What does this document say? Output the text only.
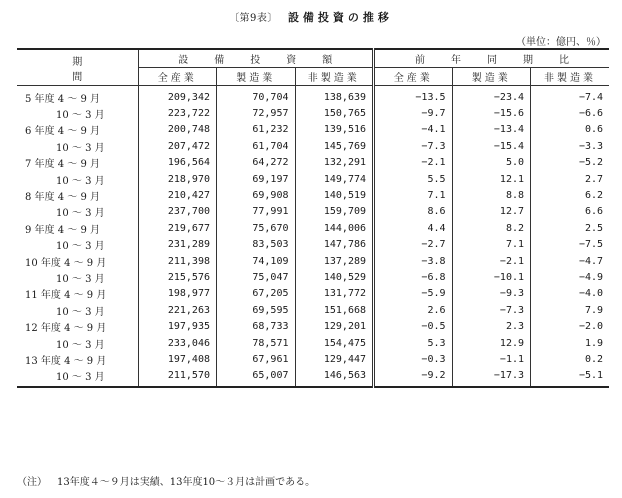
〔第9表〕 設備投資の推移
（単位：億円、％）
期　　間	設備投資額			前年同期比		
	全産業	製造業	非製造業	全産業	製造業	非製造業
5 年度 4 ～ 9 月	209,342	70,704	138,639	−13.5	−23.4	−7.4
10 ～ 3 月	223,722	72,957	150,765	−9.7	−15.6	−6.6
6 年度 4 ～ 9 月	200,748	61,232	139,516	−4.1	−13.4	0.6
10 ～ 3 月	207,472	61,704	145,769	−7.3	−15.4	−3.3
7 年度 4 ～ 9 月	196,564	64,272	132,291	−2.1	5.0	−5.2
10 ～ 3 月	218,970	69,197	149,774	5.5	12.1	2.7
8 年度 4 ～ 9 月	210,427	69,908	140,519	7.1	8.8	6.2
10 ～ 3 月	237,700	77,991	159,709	8.6	12.7	6.6
9 年度 4 ～ 9 月	219,677	75,670	144,006	4.4	8.2	2.5
10 ～ 3 月	231,289	83,503	147,786	−2.7	7.1	−7.5
10 年度 4 ～ 9 月	211,398	74,109	137,289	−3.8	−2.1	−4.7
10 ～ 3 月	215,576	75,047	140,529	−6.8	−10.1	−4.9
11 年度 4 ～ 9 月	198,977	67,205	131,772	−5.9	−9.3	−4.0
10 ～ 3 月	221,263	69,595	151,668	2.6	−7.3	7.9
12 年度 4 ～ 9 月	197,935	68,733	129,201	−0.5	2.3	−2.0
10 ～ 3 月	233,046	78,571	154,475	5.3	12.9	1.9
13 年度 4 ～ 9 月	197,408	67,961	129,447	−0.3	−1.1	0.2
10 ～ 3 月	211,570	65,007	146,563	−9.2	−17.3	−5.1
（注） 13年度４～９月は実績、13年度10～３月は計画である。
